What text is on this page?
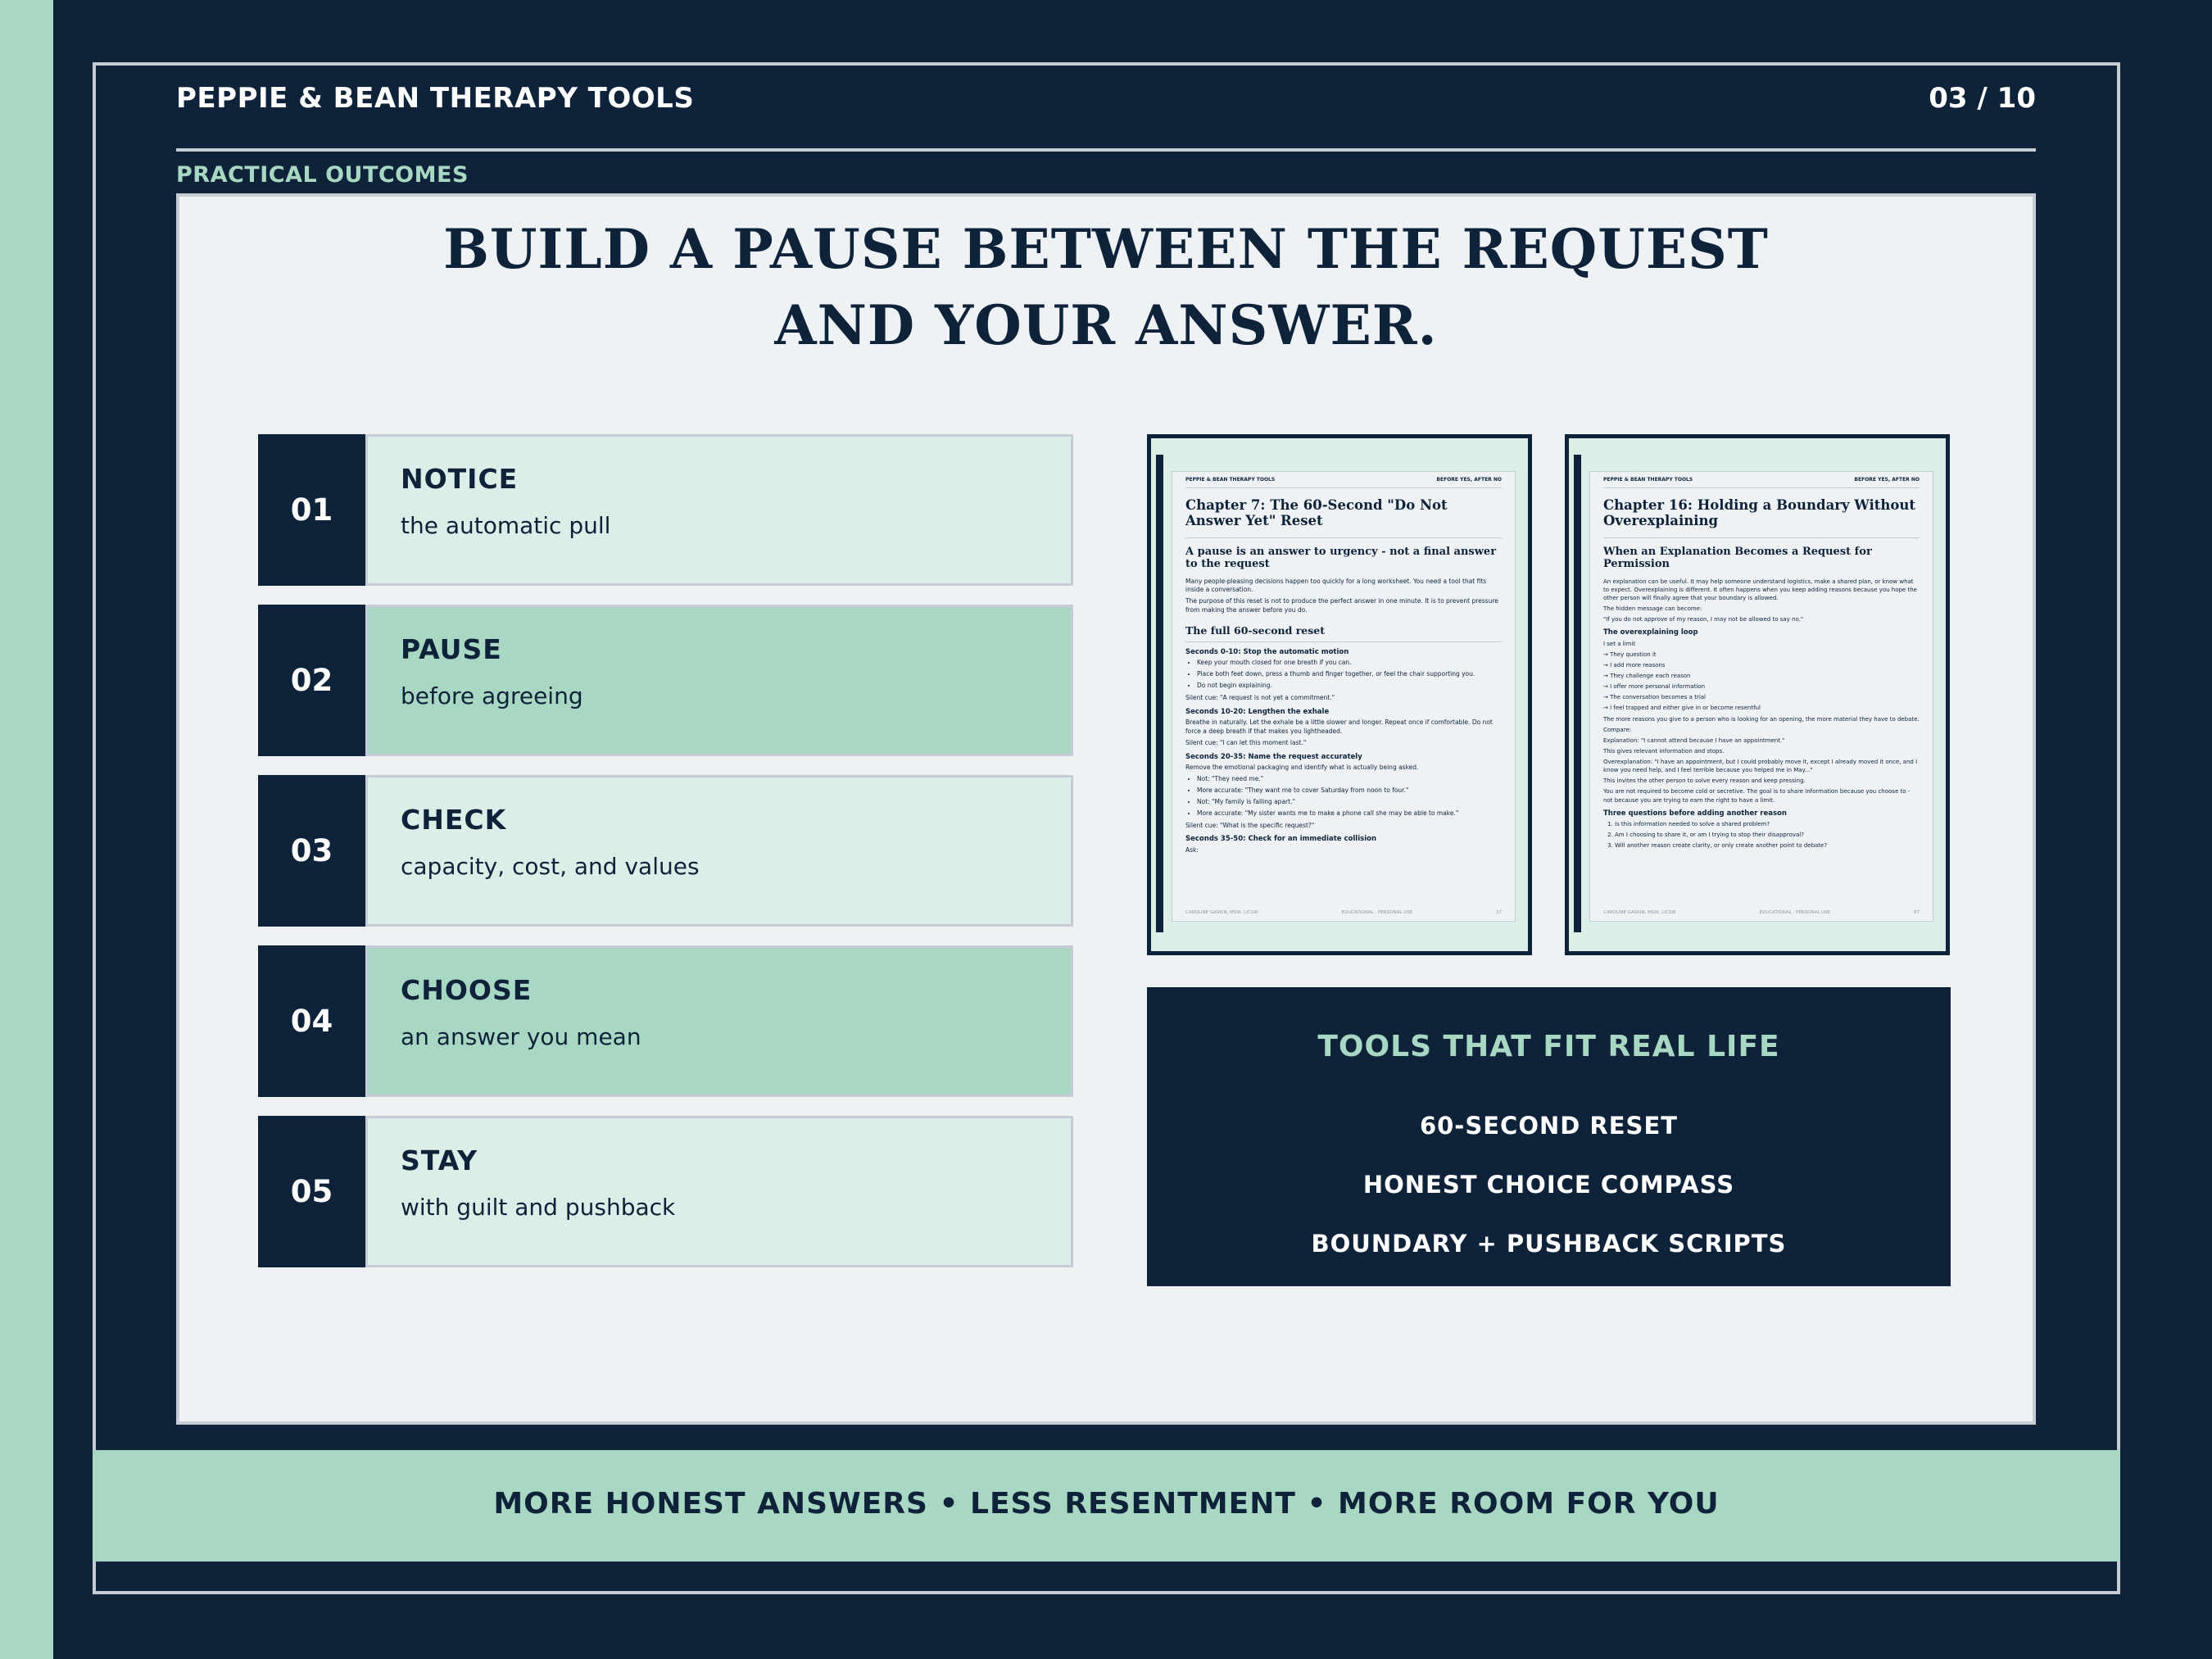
PEPPIE & BEAN THERAPY TOOLS	03 / 10
PRACTICAL OUTCOMES
BUILD A PAUSE BETWEEN THE REQUEST
AND YOUR ANSWER.
01
NOTICE
the automatic pull
02
PAUSE
before agreeing
03
CHECK
capacity, cost, and values
04
CHOOSE
an answer you mean
05
STAY
with guilt and pushback
PEPPIE & BEAN THERAPY TOOLS	BEFORE YES, AFTER NO
Chapter 7: The 60-Second "Do Not Answer Yet" Reset
A pause is an answer to urgency - not a final answer to the request

Many people-pleasing decisions happen too quickly for a long worksheet. You need a tool that fits inside a conversation.

The purpose of this reset is not to produce the perfect answer in one minute. It is to prevent pressure from making the answer before you do.

The full 60-second reset
Seconds 0-10: Stop the automatic motion
• Keep your mouth closed for one breath if you can.
• Place both feet down, press a thumb and finger together, or feel the chair supporting you.
• Do not begin explaining.

Silent cue: "A request is not yet a commitment."

Seconds 10-20: Lengthen the exhale

Breathe in naturally. Let the exhale be a little slower and longer. Repeat once if comfortable. Do not force a deep breath if that makes you lightheaded.

Silent cue: "I can let this moment last."

Seconds 20-35: Name the request accurately

Remove the emotional packaging and identify what is actually being asked.

• Not: "They need me."
• More accurate: "They want me to cover Saturday from noon to four."
• Not: "My family is falling apart."
• More accurate: "My sister wants me to make a phone call she may be able to make."

Silent cue: "What is the specific request?"

Seconds 35-50: Check for an immediate collision

Ask:

CAROLINE GASKIN, MSW, LICSW	EDUCATIONAL · PERSONAL USE	37
PEPPIE & BEAN THERAPY TOOLS	BEFORE YES, AFTER NO
Chapter 16: Holding a Boundary Without Overexplaining
When an Explanation Becomes a Request for Permission

An explanation can be useful. It may help someone understand logistics, make a shared plan, or know what to expect. Overexplaining is different. It often happens when you keep adding reasons because you hope the other person will finally agree that your boundary is allowed.

The hidden message can become:

"If you do not approve of my reason, I may not be allowed to say no."

The overexplaining loop

I set a limit

→ They question it

→ I add more reasons

→ They challenge each reason

→ I offer more personal information

→ The conversation becomes a trial

→ I feel trapped and either give in or become resentful

The more reasons you give to a person who is looking for an opening, the more material they have to debate.

Compare:

Explanation: "I cannot attend because I have an appointment."

This gives relevant information and stops.

Overexplanation: "I have an appointment, but I could probably move it, except I already moved it once, and I know you need help, and I feel terrible because you helped me in May..."

This invites the other person to solve every reason and keep pressing.

You are not required to become cold or secretive. The goal is to share information because you choose to - not because you are trying to earn the right to have a limit.

Three questions before adding another reason
1. Is this information needed to solve a shared problem?
2. Am I choosing to share it, or am I trying to stop their disapproval?
3. Will another reason create clarity, or only create another point to debate?
CAROLINE GASKIN, MSW, LICSW	EDUCATIONAL · PERSONAL USE	87
TOOLS THAT FIT REAL LIFE
60-SECOND RESET
HONEST CHOICE COMPASS
BOUNDARY + PUSHBACK SCRIPTS
MORE HONEST ANSWERS • LESS RESENTMENT • MORE ROOM FOR YOU
